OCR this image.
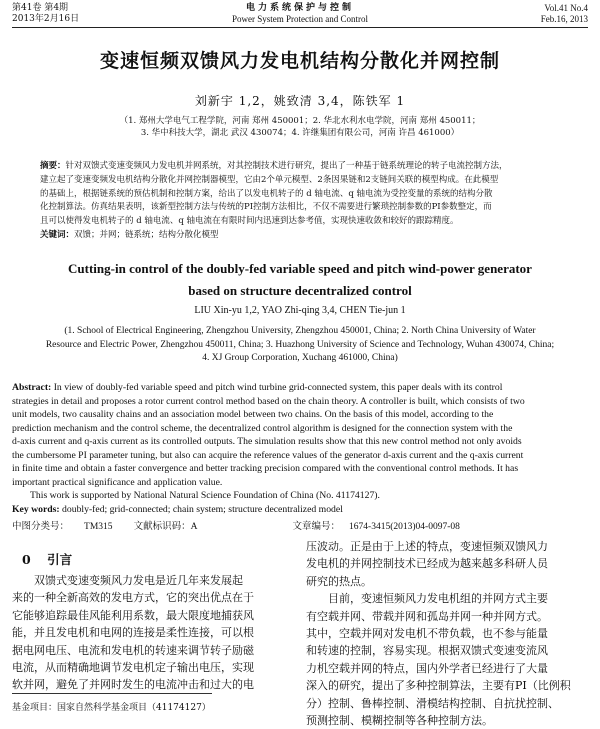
第41卷 第4期
2013年2月16日
电力系统保护与控制
Power System Protection and Control
Vol.41 No.4
Feb.16, 2013
变速恒频双馈风力发电机结构分散化并网控制
刘新宇 1,2，姚致清 3,4，陈铁军 1
（1. 郑州大学电气工程学院，河南 郑州 450001；2. 华北水利水电学院，河南 郑州 450011；
3. 华中科技大学，湖北 武汉 430074；4. 许继集团有限公司，河南 许昌 461000）
摘要：针对双馈式变速变频风力发电机并网系统，对其控制技术进行研究，提出了一种基于链系统理论的转子电流控制方法，
建立起了变速变频发电机结构分散化并网控制器模型，它由2个单元模型、2条因果链和2支链间关联的模型构成。在此模型
的基础上，根据链系统的预估机制和控制方案，给出了以发电机转子的 d 轴电流、q 轴电流为受控变量的系统的结构分散
化控制算法。仿真结果表明，该新型控制方法与传统的PI控制方法相比，不仅不需要进行繁琐控制参数的PI参数整定，而
且可以使得发电机转子的 d 轴电流、q 轴电流在有限时间内迅速到达参考值，实现快速收敛和较好的跟踪精度。
关键词：双馈；并网；链系统；结构分散化模型
Cutting-in control of the doubly-fed variable speed and pitch wind-power generator
based on structure decentralized control
LIU Xin-yu 1,2, YAO Zhi-qing 3,4, CHEN Tie-jun 1
(1. School of Electrical Engineering, Zhengzhou University, Zhengzhou 450001, China; 2. North China University of Water
Resource and Electric Power, Zhengzhou 450011, China; 3. Huazhong University of Science and Technology, Wuhan 430074, China;
4. XJ Group Corporation, Xuchang 461000, China)
Abstract: In view of doubly-fed variable speed and pitch wind turbine grid-connected system, this paper deals with its control
strategies in detail and proposes a rotor current control method based on the chain theory. A controller is built, which consists of two
unit models, two causality chains and an association model between two chains. On the basis of this model, according to the
prediction mechanism and the control scheme, the decentralized control algorithm is designed for the connection system with the
d-axis current and q-axis current as its controlled outputs. The simulation results show that this new control method not only avoids
the cumbersome PI parameter tuning, but also can acquire the reference values of the generator d-axis current and the q-axis current
in finite time and obtain a faster convergence and better tracking precision compared with the conventional control methods. It has
important practical significance and application value.
This work is supported by National Natural Science Foundation of China (No. 41174127).
Key words: doubly-fed; grid-connected; chain system; structure decentralized model
中图分类号： TM315 文献标识码：A	文章编号： 1674-3415(2013)04-0097-08
0 引言
　　双馈式变速变频风力发电是近几年来发展起
来的一种全新高效的发电方式，它的突出优点在于
它能够追踪最佳风能利用系数，最大限度地捕获风
能，并且发电机和电网的连接是柔性连接，可以根
据电网电压、电流和发电机的转速来调节转子励磁
电流，从而精确地调节发电机定子输出电压，实现
软并网，避免了并网时发生的电流冲击和过大的电
基金项目：国家自然科学基金项目（41174127）
压波动。正是由于上述的特点，变速恒频双馈风力
发电机的并网控制技术已经成为越来越多科研人员
研究的热点。
　　目前，变速恒频风力发电机组的并网方式主要
有空载并网、带载并网和孤岛并网一种并网方式。
其中，空载并网对发电机不带负载，也不参与能量
和转速的控制，容易实现。根据双馈式变速变流风
力机空载并网的特点，国内外学者已经进行了大量
深入的研究，提出了多种控制算法，主要有PI（比例积
分）控制、鲁棒控制、滑模结构控制、自抗扰控制、
预测控制、模糊控制等各种控制方法。
